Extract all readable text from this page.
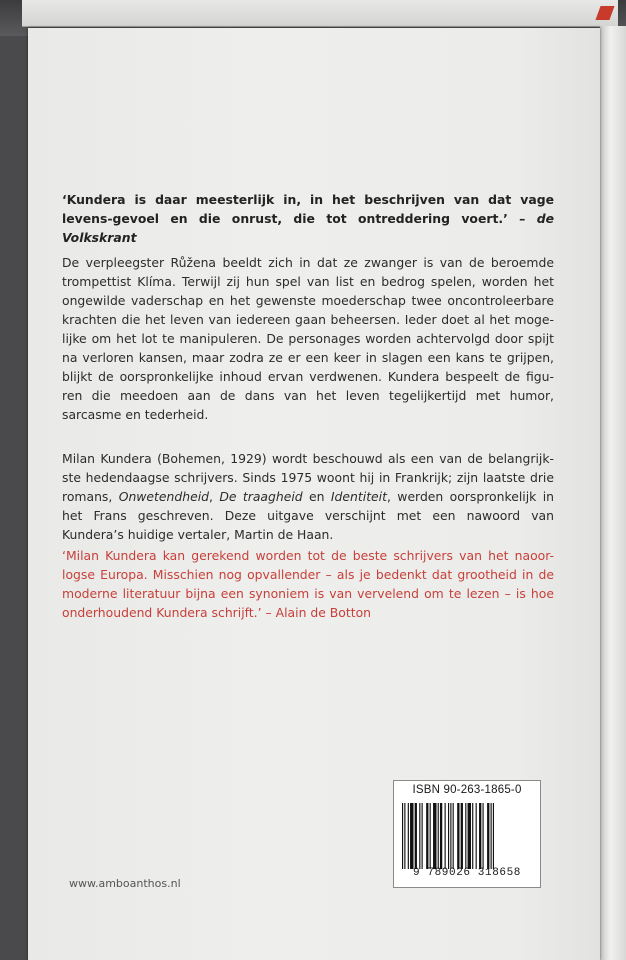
‘Kundera is daar meesterlijk in, in het beschrijven van dat vage levens-gevoel en die onrust, die tot ontreddering voert.’ – de Volkskrant

De verpleegster Růžena beeldt zich in dat ze zwanger is van de beroemde trompettist Klíma. Terwijl zij hun spel van list en bedrog spelen, worden het ongewilde vaderschap en het gewenste moederschap twee oncontroleerbare krachten die het leven van iedereen gaan beheersen. Ieder doet al het moge-lijke om het lot te manipuleren. De personages worden achtervolgd door spijt na verloren kansen, maar zodra ze er een keer in slagen een kans te grijpen, blijkt de oorspronkelijke inhoud ervan verdwenen. Kundera bespeelt de figu-ren die meedoen aan de dans van het leven tegelijkertijd met humor, sarcasme en tederheid.

Milan Kundera (Bohemen, 1929) wordt beschouwd als een van de belangrijk-ste hedendaagse schrijvers. Sinds 1975 woont hij in Frankrijk; zijn laatste drie romans, Onwetendheid, De traagheid en Identiteit, werden oorspronkelijk in het Frans geschreven. Deze uitgave verschijnt met een nawoord van Kundera’s huidige vertaler, Martin de Haan.

‘Milan Kundera kan gerekend worden tot de beste schrijvers van het naoor-logse Europa. Misschien nog opvallender – als je bedenkt dat grootheid in de moderne literatuur bijna een synoniem is van vervelend om te lezen – is hoe onderhoudend Kundera schrijft.’ – Alain de Botton

ISBN 90-263-1865-0
9 789026 318658
www.amboanthos.nl
